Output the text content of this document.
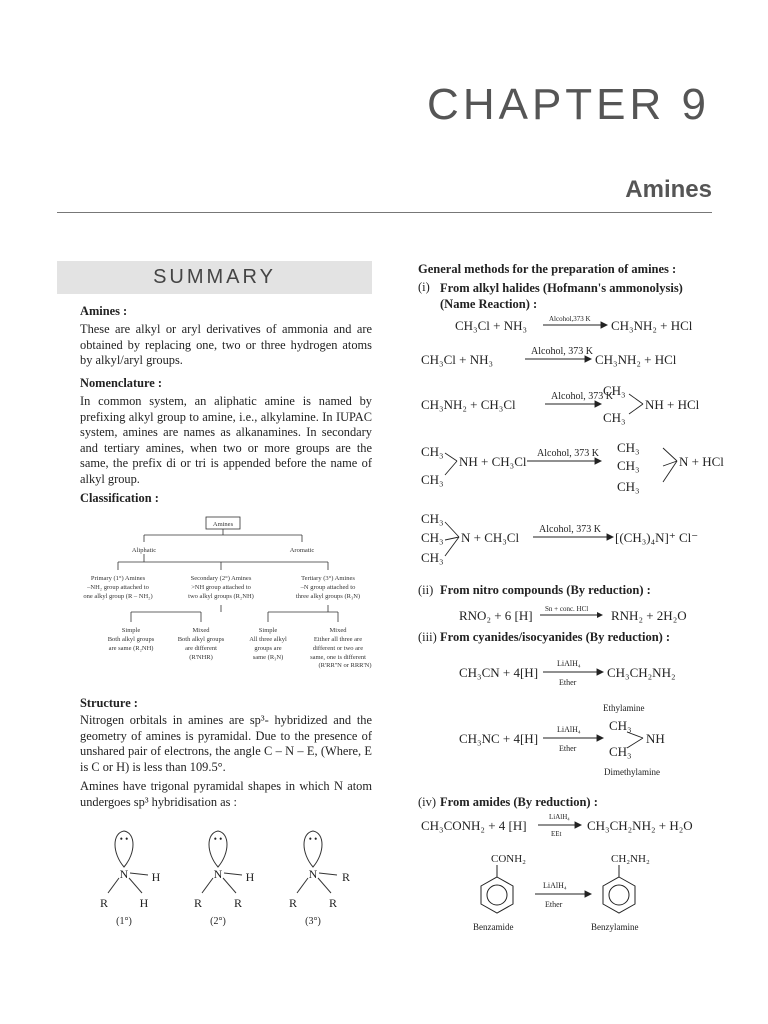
CHAPTER 9
Amines
SUMMARY
Amines :
These are alkyl or aryl derivatives of ammonia and are obtained by replacing one, two or three hydrogen atoms by alkyl/aryl groups.
Nomenclature :
In common system, an aliphatic amine is named by prefixing alkyl group to amine, i.e., alkylamine. In IUPAC system, amines are names as alkanamines. In secondary and tertiary amines, when two or more groups are the same, the prefix di or tri is appended before the name of alkyl group.
Classification :
Amines
Aliphatic	Aromatic
Primary (1°) Amines
–NH₂ group attached to
one alkyl group (R – NH₂)
Secondary (2°) Amines
>NH group attached to
two alkyl groups (R₂NH)
Tertiary (3°) Amines
–N group attached to
three alkyl groups (R₃N)
Simple
Both alkyl groups
are same (R₂NH)
Mixed
Both alkyl groups
are different
(R'NHR)
Simple
All three alkyl
groups are
same (R₃N)
Mixed
Either all three are
different or two are
same, one is different
(R'RR''N or RRR'N)
Structure :
Nitrogen orbitals in amines are sp³- hybridized and the geometry of amines is pyramidal. Due to the presence of unshared pair of electrons, the angle C – N – E, (Where, E is C or H) is less than 109.5°.
Amines have trigonal pyramidal shapes in which N atom undergoes sp³ hybridisation as :
• •
N H
R	H
(1°)
• •
N H
R	R
(2°)
• •
N R
R	R
(3°)
General methods for the preparation of amines :
(i) From alkyl halides (Hofmann's ammonolysis) (Name Reaction) :
CH₃Cl + NH₃	Alcohol,373 K CH₃NH₂ + HCl
CH₃Cl + NH₃
Alcohol, 373 K
CH₃NH₂ + HCl
CH₃NH₂ + CH₃Cl
Alcohol, 373 K
CH₃
CH₃
NH + HCl
CH₃
CH₃
NH + CH₃Cl
Alcohol, 373 K CH₃
CH₃
CH₃
N + HCl
CH₃
CH₃
CH₃
N + CH₃Cl
Alcohol, 373 K
[(CH₃)₄N]⁺ Cl⁻
(ii) From nitro compounds (By reduction) :
RNO₂ + 6 [H] Sn + conc. HCl RNH₂ + 2H₂O
(iii) From cyanides/isocyanides (By reduction) :
CH₃CN + 4[H]
LiAlH₄
Ether
CH₃CH₂NH₂
Ethylamine
CH₃NC + 4[H]
LiAlH₄
Ether
CH₃
CH₃
NH
Dimethylamine
(iv) From amides (By reduction) :
CH₃CONH₂ + 4 [H]
LiAlH₄
EEt
CH₃CH₂NH₂ + H₂O
CONH₂
Benzamide
LiAlH₄
Ether
CH₂NH₂
Benzylamine
